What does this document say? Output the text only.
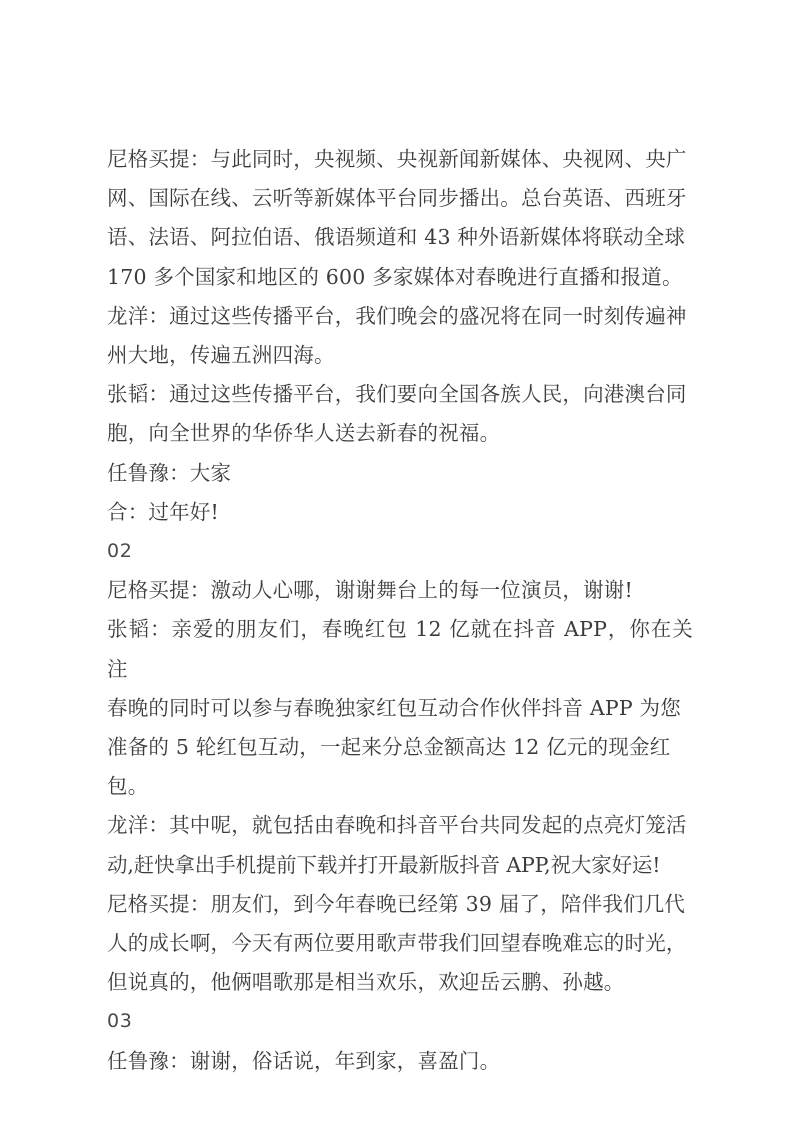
尼格买提：与此同时，央视频、央视新闻新媒体、央视网、央广

网、国际在线、云听等新媒体平台同步播出。总台英语、西班牙

语、法语、阿拉伯语、俄语频道和 43 种外语新媒体将联动全球

170 多个国家和地区的 600 多家媒体对春晚进行直播和报道。

龙洋：通过这些传播平台，我们晚会的盛况将在同一时刻传遍神

州大地，传遍五洲四海。

张韬：通过这些传播平台，我们要向全国各族人民，向港澳台同

胞，向全世界的华侨华人送去新春的祝福。

任鲁豫：大家

合：过年好!

02

尼格买提：激动人心哪，谢谢舞台上的每一位演员，谢谢!

张韬：亲爱的朋友们，春晚红包 12 亿就在抖音 APP，你在关注

春晚的同时可以参与春晚独家红包互动合作伙伴抖音 APP 为您

准备的 5 轮红包互动，一起来分总金额高达 12 亿元的现金红包。

龙洋：其中呢，就包括由春晚和抖音平台共同发起的点亮灯笼活

动,赶快拿出手机提前下载并打开最新版抖音 APP,祝大家好运!

尼格买提：朋友们，到今年春晚已经第 39 届了，陪伴我们几代

人的成长啊，今天有两位要用歌声带我们回望春晚难忘的时光，

但说真的，他俩唱歌那是相当欢乐，欢迎岳云鹏、孙越。

03

任鲁豫：谢谢，俗话说，年到家，喜盈门。
